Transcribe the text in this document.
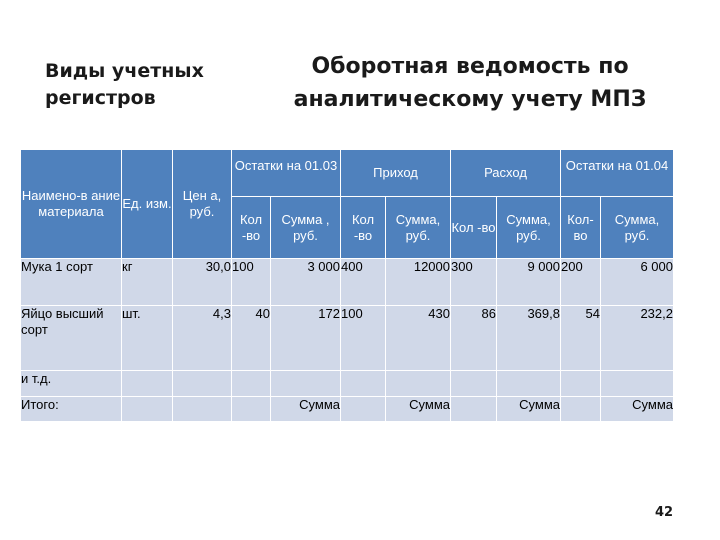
Виды учетных регистров
Оборотная ведомость по аналитическому учету МПЗ
Наимено-в ание материала	Ед. изм.	Цен а, руб.	Остатки на 01.03		Приход		Расход		Остатки на 01.04	
			Кол -во	Сумма , руб.	Кол -во	Сумма, руб.	Кол -во	Сумма, руб.	Кол- во	Сумма, руб.
Мука 1 сорт	кг	30,0	100	3 000	400	12000	300	9 000	200	6 000
Яйцо высший сорт	шт.	4,3	40	172	100	430	86	369,8	54	232,2
и т.д.										
Итого:				Сумма		Сумма		Сумма		Сумма
42
